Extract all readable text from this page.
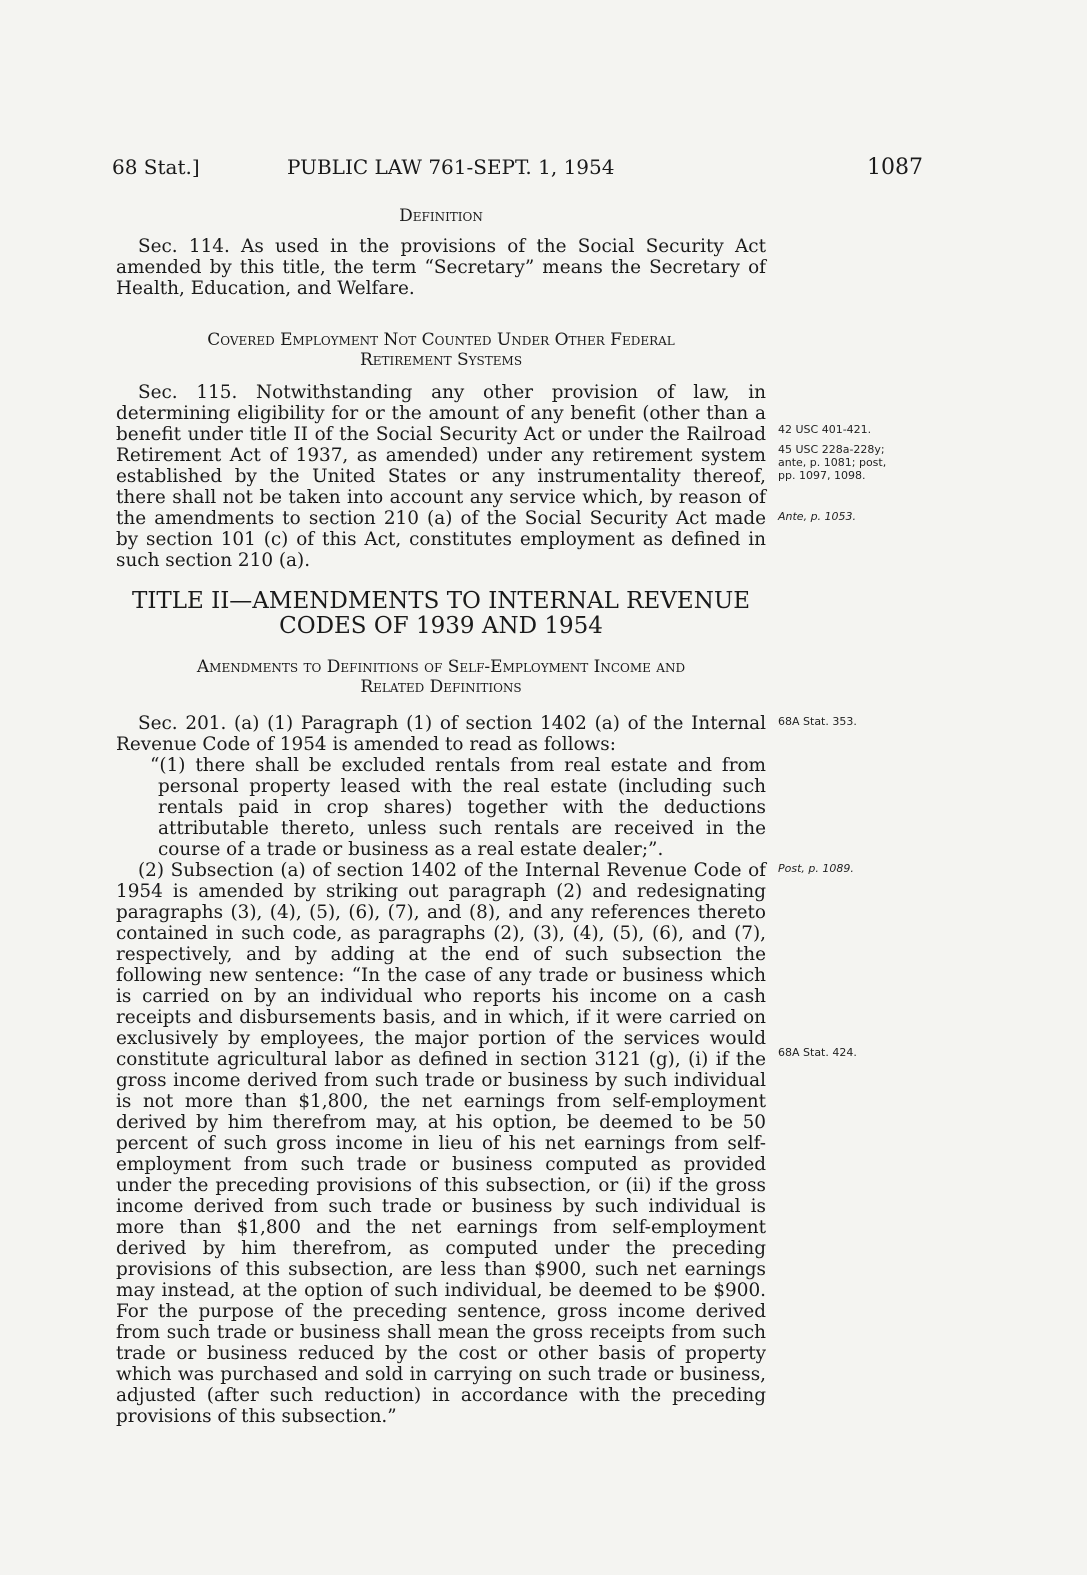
68 Stat.]	PUBLIC LAW 761-SEPT. 1, 1954	1087

Definition

Sec. 114. As used in the provisions of the Social Security Act amended by this title, the term “Secretary” means the Secretary of Health, Education, and Welfare.

Covered Employment Not Counted Under Other Federal

Retirement Systems

Sec. 115. Notwithstanding any other provision of law, in determining eligibility for or the amount of any benefit (other than a benefit under title II of the Social Security Act or under the Railroad Retirement Act of 1937, as amended) under any retirement system established by the United States or any instrumentality thereof, there shall not be taken into account any service which, by reason of the amendments to section 210 (a) of the Social Security Act made by section 101 (c) of this Act, constitutes employment as defined in such section 210 (a).

TITLE II—AMENDMENTS TO INTERNAL REVENUE

CODES OF 1939 AND 1954

Amendments to Definitions of Self-Employment Income and

Related Definitions

Sec. 201. (a) (1) Paragraph (1) of section 1402 (a) of the Internal Revenue Code of 1954 is amended to read as follows:

“(1) there shall be excluded rentals from real estate and from personal property leased with the real estate (including such rentals paid in crop shares) together with the deductions attributable thereto, unless such rentals are received in the course of a trade or business as a real estate dealer;”.

(2) Subsection (a) of section 1402 of the Internal Revenue Code of 1954 is amended by striking out paragraph (2) and redesignating paragraphs (3), (4), (5), (6), (7), and (8), and any references thereto contained in such code, as paragraphs (2), (3), (4), (5), (6), and (7), respectively, and by adding at the end of such subsection the following new sentence: “In the case of any trade or business which is carried on by an individual who reports his income on a cash receipts and disbursements basis, and in which, if it were carried on exclusively by employees, the major portion of the services would constitute agricultural labor as defined in section 3121 (g), (i) if the gross income derived from such trade or business by such individual is not more than $1,800, the net earnings from self-employment derived by him therefrom may, at his option, be deemed to be 50 percent of such gross income in lieu of his net earnings from self-employment from such trade or business computed as provided under the preceding provisions of this subsection, or (ii) if the gross income derived from such trade or business by such individual is more than $1,800 and the net earnings from self-employment derived by him therefrom, as computed under the preceding provisions of this subsection, are less than $900, such net earnings may instead, at the option of such individual, be deemed to be $900. For the purpose of the preceding sentence, gross income derived from such trade or business shall mean the gross receipts from such trade or business reduced by the cost or other basis of property which was purchased and sold in carrying on such trade or business, adjusted (after such reduction) in accordance with the preceding provisions of this subsection.”

42 USC 401-421.
45 USC 228a-228y; ante, p. 1081; post, pp. 1097, 1098.
Ante, p. 1053.
68A Stat. 353.
Post, p. 1089.
68A Stat. 424.
